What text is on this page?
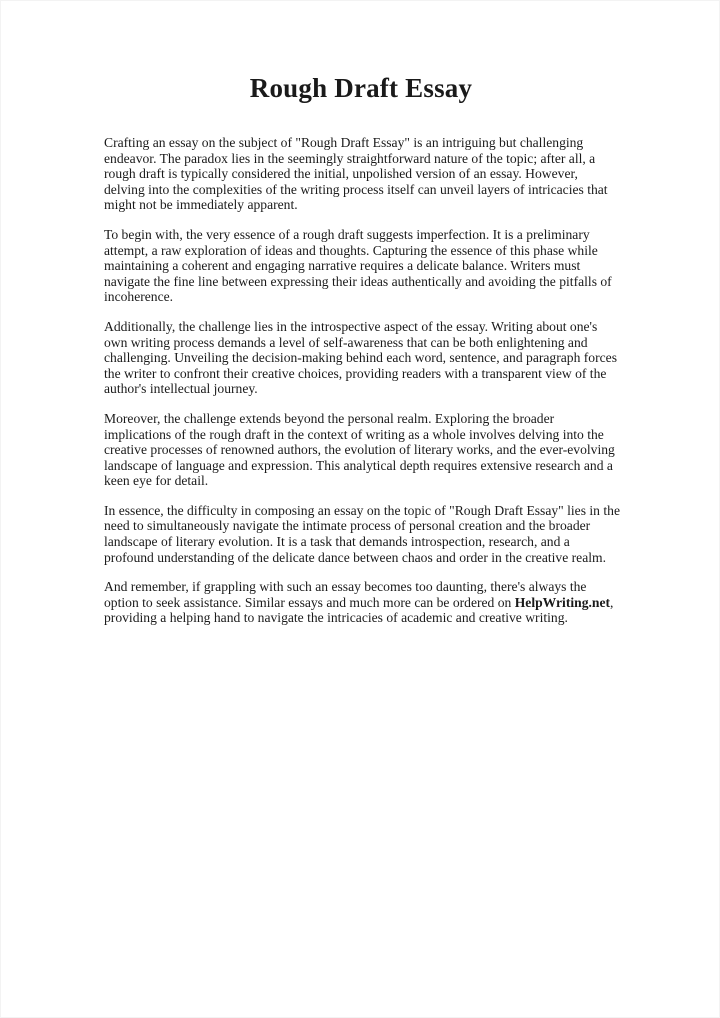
Rough Draft Essay

Crafting an essay on the subject of "Rough Draft Essay" is an intriguing but challenging endeavor. The paradox lies in the seemingly straightforward nature of the topic; after all, a rough draft is typically considered the initial, unpolished version of an essay. However, delving into the complexities of the writing process itself can unveil layers of intricacies that might not be immediately apparent.

To begin with, the very essence of a rough draft suggests imperfection. It is a preliminary attempt, a raw exploration of ideas and thoughts. Capturing the essence of this phase while maintaining a coherent and engaging narrative requires a delicate balance. Writers must navigate the fine line between expressing their ideas authentically and avoiding the pitfalls of incoherence.

Additionally, the challenge lies in the introspective aspect of the essay. Writing about one's own writing process demands a level of self-awareness that can be both enlightening and challenging. Unveiling the decision-making behind each word, sentence, and paragraph forces the writer to confront their creative choices, providing readers with a transparent view of the author's intellectual journey.

Moreover, the challenge extends beyond the personal realm. Exploring the broader implications of the rough draft in the context of writing as a whole involves delving into the creative processes of renowned authors, the evolution of literary works, and the ever-evolving landscape of language and expression. This analytical depth requires extensive research and a keen eye for detail.

In essence, the difficulty in composing an essay on the topic of "Rough Draft Essay" lies in the need to simultaneously navigate the intimate process of personal creation and the broader landscape of literary evolution. It is a task that demands introspection, research, and a profound understanding of the delicate dance between chaos and order in the creative realm.

And remember, if grappling with such an essay becomes too daunting, there's always the option to seek assistance. Similar essays and much more can be ordered on HelpWriting.net, providing a helping hand to navigate the intricacies of academic and creative writing.
